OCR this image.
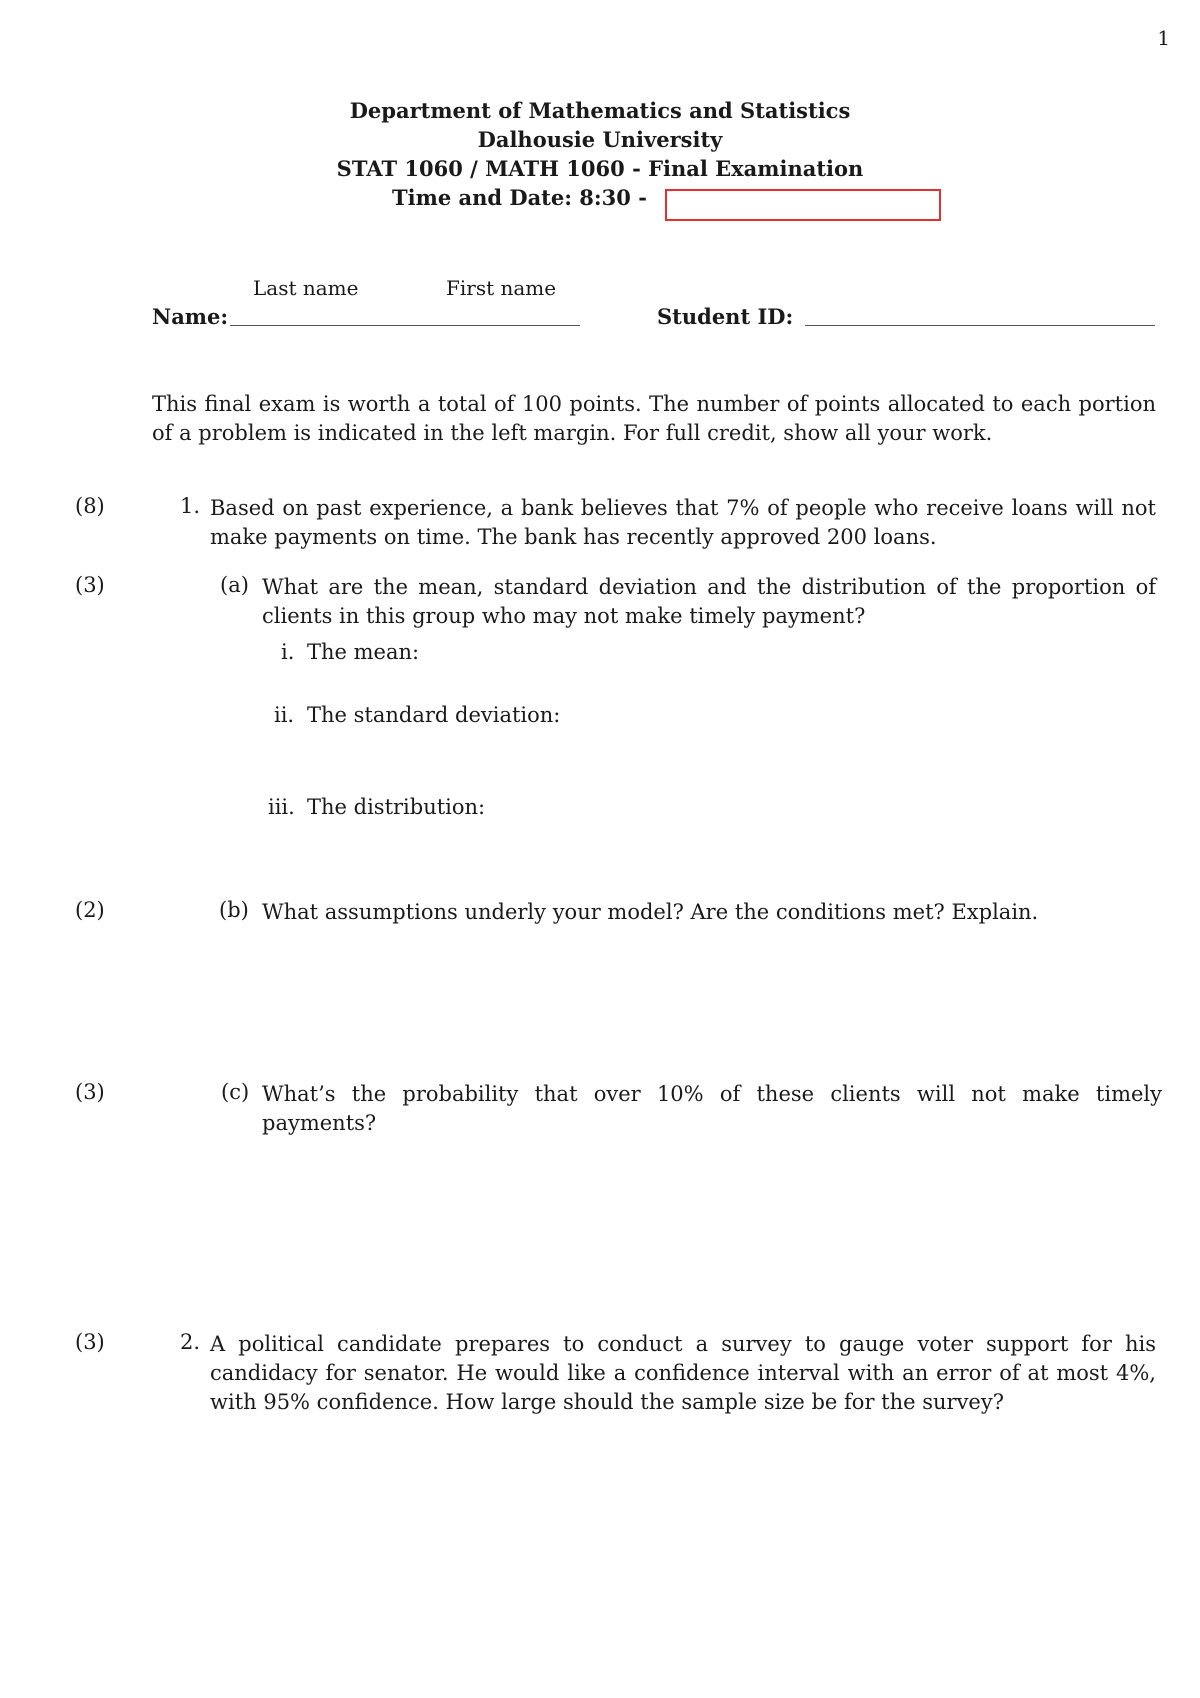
1
Department of Mathematics and Statistics
Dalhousie University
STAT 1060 / MATH 1060 - Final Examination
Time and Date: 8:30 -
Last name	First name
Name:	Student ID:
This final exam is worth a total of 100 points. The number of points allocated to each portion of a problem is indicated in the left margin. For full credit, show all your work.
(8)	1. Based on past experience, a bank believes that 7% of people who receive loans will not make payments on time. The bank has recently approved 200 loans.
(3)	(a) What are the mean, standard deviation and the distribution of the proportion of clients in this group who may not make timely payment?
i. The mean:
ii. The standard deviation:
iii. The distribution:
(2)	(b) What assumptions underly your model? Are the conditions met? Explain.
(3)	(c) What’s the probability that over 10% of these clients will not make timely payments?
(3)	2. A political candidate prepares to conduct a survey to gauge voter support for his candidacy for senator. He would like a confidence interval with an error of at most 4%, with 95% confidence. How large should the sample size be for the survey?
